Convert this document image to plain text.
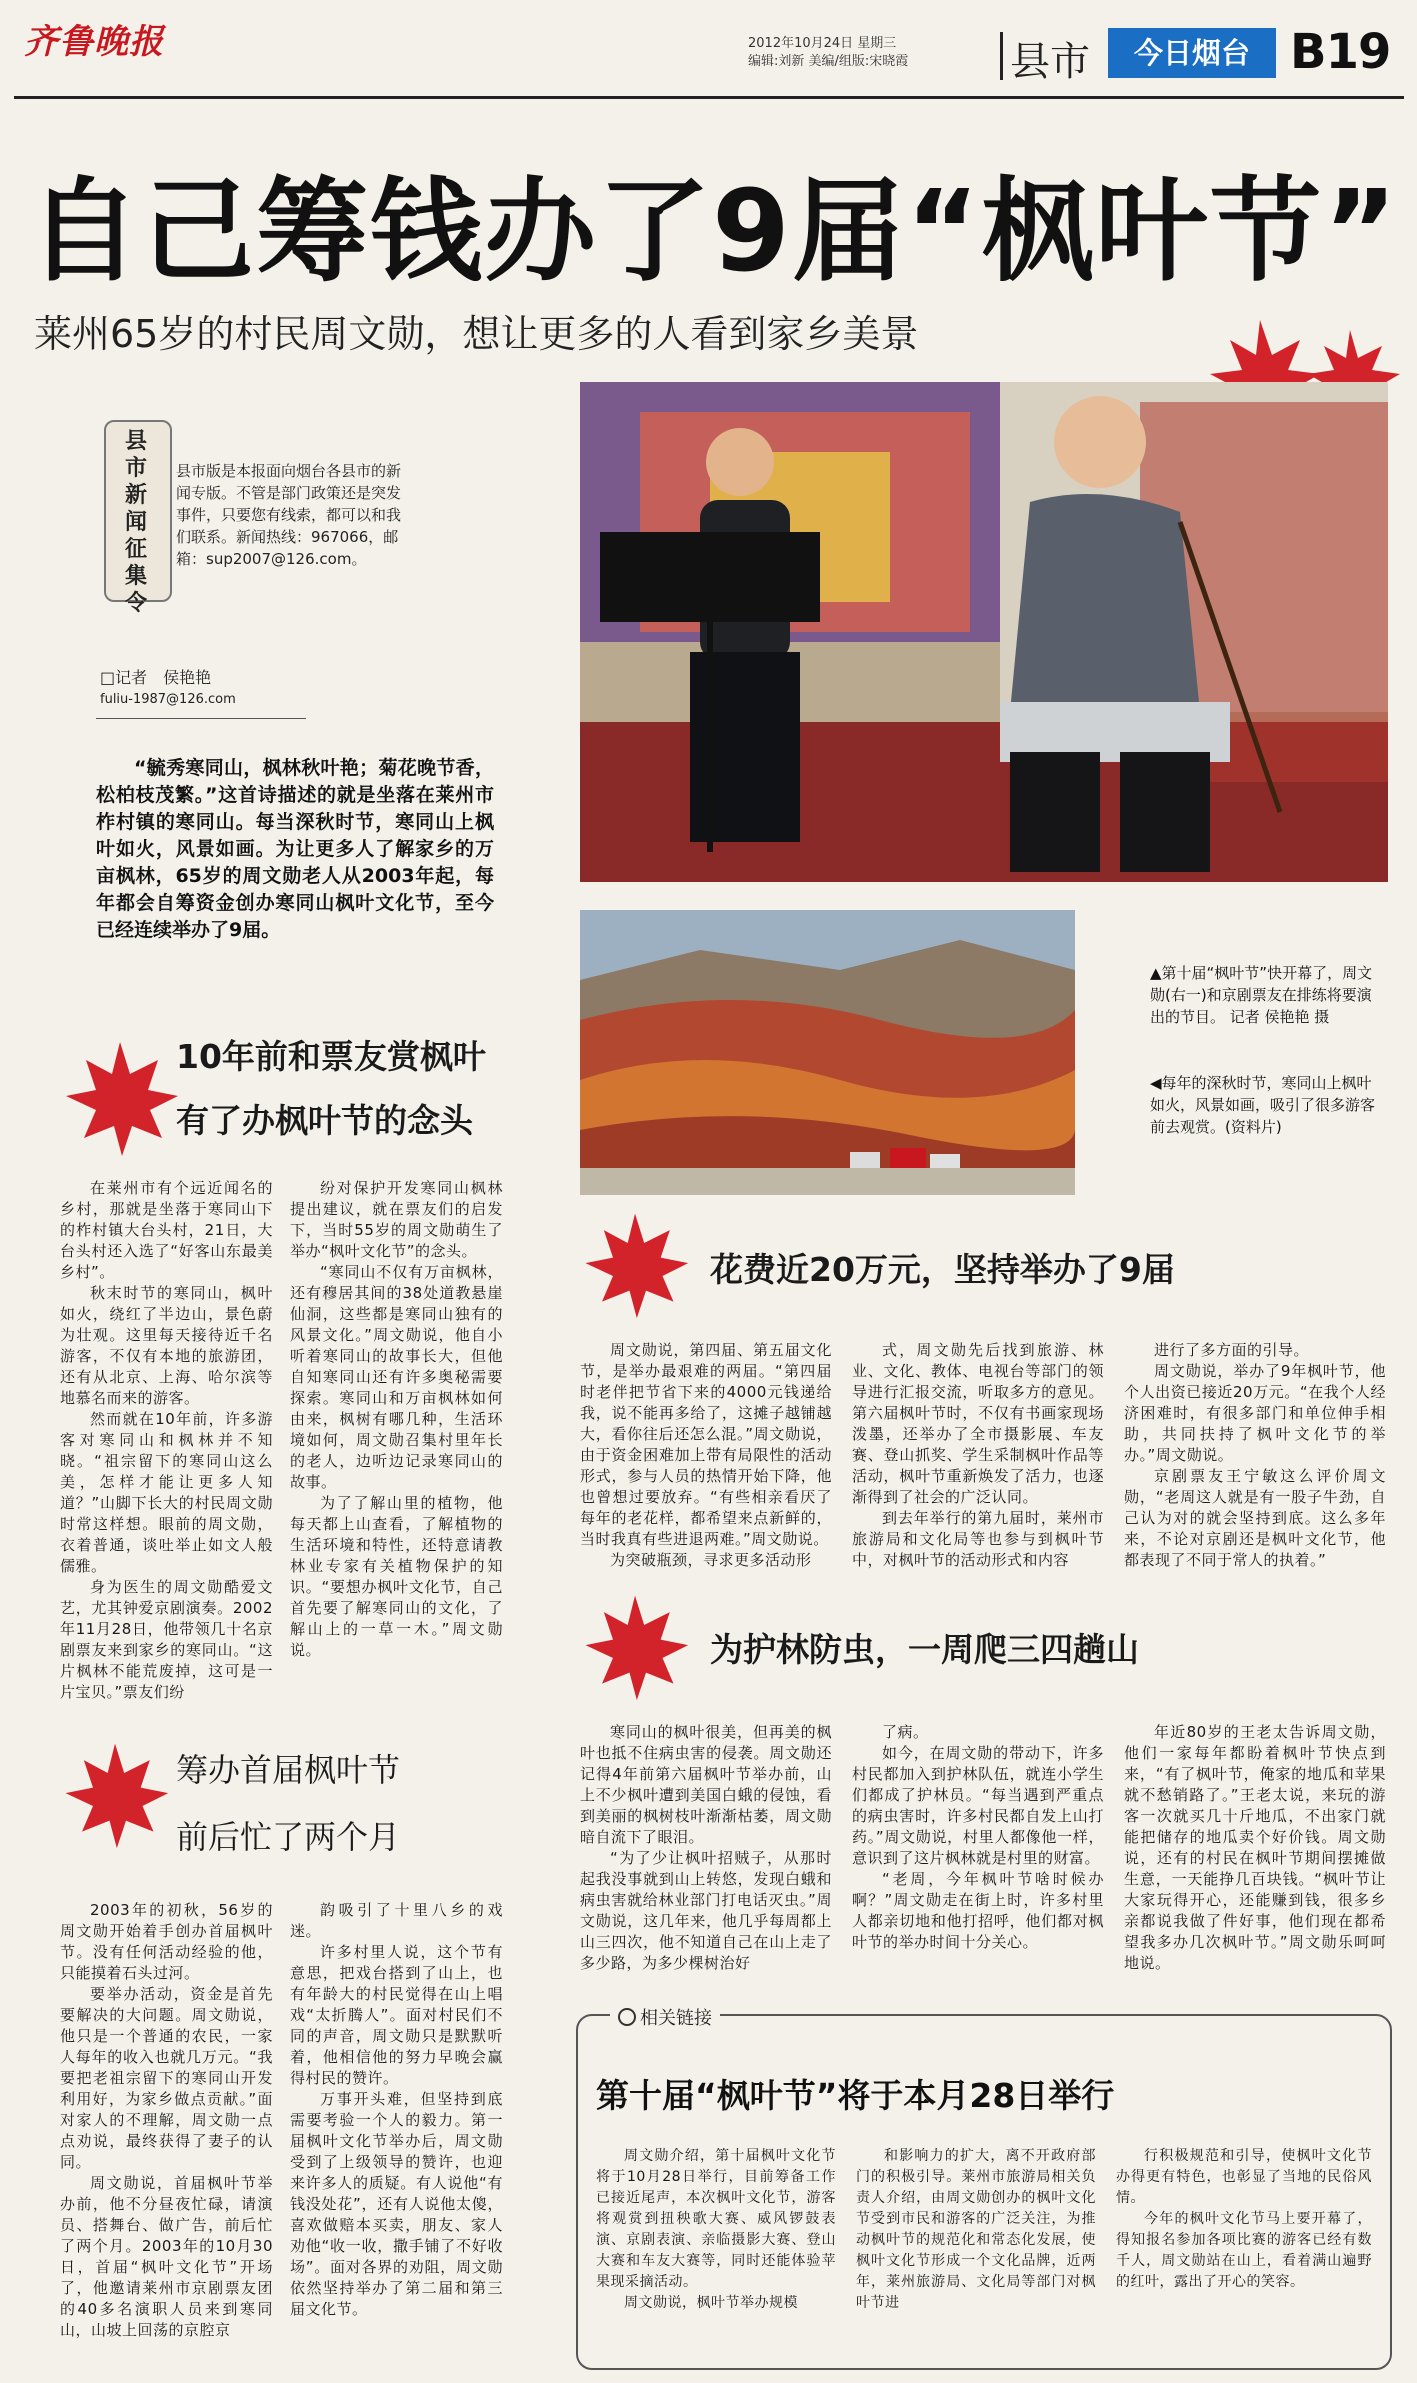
齐鲁晚报	2012年10月24日 星期三
编辑:刘新 美编/组版:宋晓霞	县市	今日烟台 B19
自己筹钱办了9届“枫叶节”
莱州65岁的村民周文勋，想让更多的人看到家乡美景
县市新闻征集令
县市版是本报面向烟台各县市的新闻专版。不管是部门政策还是突发事件，只要您有线索，都可以和我们联系。新闻热线：967066，邮箱：sup2007@126.com。
□记者　侯艳艳
fuliu-1987@126.com
“毓秀寒同山，枫林秋叶艳；菊花晚节香，松柏枝茂繁。”这首诗描述的就是坐落在莱州市柞村镇的寒同山。每当深秋时节，寒同山上枫叶如火，风景如画。为让更多人了解家乡的万亩枫林，65岁的周文勋老人从2003年起，每年都会自筹资金创办寒同山枫叶文化节，至今已经连续举办了9届。
▲第十届“枫叶节”快开幕了，周文勋(右一)和京剧票友在排练将要演出的节目。 记者 侯艳艳 摄
◀每年的深秋时节，寒同山上枫叶如火，风景如画，吸引了很多游客前去观赏。(资料片)
10年前和票友赏枫叶
有了办枫叶节的念头

在莱州市有个远近闻名的乡村，那就是坐落于寒同山下的柞村镇大台头村，21日，大台头村还入选了“好客山东最美乡村”。

秋末时节的寒同山，枫叶如火，绕红了半边山，景色蔚为壮观。这里每天接待近千名游客，不仅有本地的旅游团，还有从北京、上海、哈尔滨等地慕名而来的游客。

然而就在10年前，许多游客对寒同山和枫林并不知晓。“祖宗留下的寒同山这么美，怎样才能让更多人知道？”山脚下长大的村民周文勋时常这样想。眼前的周文勋，衣着普通，谈吐举止如文人般儒雅。

身为医生的周文勋酷爱文艺，尤其钟爱京剧演奏。2002年11月28日，他带领几十名京剧票友来到家乡的寒同山。“这片枫林不能荒废掉，这可是一片宝贝。”票友们纷

纷对保护开发寒同山枫林提出建议，就在票友们的启发下，当时55岁的周文勋萌生了举办“枫叶文化节”的念头。

“寒同山不仅有万亩枫林，还有穆居其间的38处道教悬崖仙洞，这些都是寒同山独有的风景文化。”周文勋说，他自小听着寒同山的故事长大，但他自知寒同山还有许多奥秘需要探索。寒同山和万亩枫林如何由来，枫树有哪几种，生活环境如何，周文勋召集村里年长的老人，边听边记录寒同山的故事。

为了了解山里的植物，他每天都上山查看，了解植物的生活环境和特性，还特意请教林业专家有关植物保护的知识。“要想办枫叶文化节，自己首先要了解寒同山的文化，了解山上的一草一木。”周文勋说。

筹办首届枫叶节
前后忙了两个月

2003年的初秋，56岁的周文勋开始着手创办首届枫叶节。没有任何活动经验的他，只能摸着石头过河。

要举办活动，资金是首先要解决的大问题。周文勋说，他只是一个普通的农民，一家人每年的收入也就几万元。“我要把老祖宗留下的寒同山开发利用好，为家乡做点贡献。”面对家人的不理解，周文勋一点点劝说，最终获得了妻子的认同。

周文勋说，首届枫叶节举办前，他不分昼夜忙碌，请演员、搭舞台、做广告，前后忙了两个月。2003年的10月30日，首届“枫叶文化节”开场了，他邀请莱州市京剧票友团的40多名演职人员来到寒同山，山坡上回荡的京腔京

韵吸引了十里八乡的戏迷。

许多村里人说，这个节有意思，把戏台搭到了山上，也有年龄大的村民觉得在山上唱戏“太折腾人”。面对村民们不同的声音，周文勋只是默默听着，他相信他的努力早晚会赢得村民的赞许。

万事开头难，但坚持到底需要考验一个人的毅力。第一届枫叶文化节举办后，周文勋受到了上级领导的赞许，也迎来许多人的质疑。有人说他“有钱没处花”，还有人说他太傻，喜欢做赔本买卖，朋友、家人劝他“收一收，撒手铺了不好收场”。面对各界的劝阻，周文勋依然坚持举办了第二届和第三届文化节。

花费近20万元，坚持举办了9届

周文勋说，第四届、第五届文化节，是举办最艰难的两届。“第四届时老伴把节省下来的4000元钱递给我，说不能再多给了，这摊子越铺越大，看你往后还怎么混。”周文勋说，由于资金困难加上带有局限性的活动形式，参与人员的热情开始下降，他也曾想过要放弃。“有些相亲看厌了每年的老花样，都希望来点新鲜的，当时我真有些进退两难。”周文勋说。

为突破瓶颈，寻求更多活动形

式，周文勋先后找到旅游、林业、文化、教体、电视台等部门的领导进行汇报交流，听取多方的意见。第六届枫叶节时，不仅有书画家现场泼墨，还举办了全市摄影展、车友赛、登山抓奖、学生采制枫叶作品等活动，枫叶节重新焕发了活力，也逐渐得到了社会的广泛认同。

到去年举行的第九届时，莱州市旅游局和文化局等也参与到枫叶节中，对枫叶节的活动形式和内容

进行了多方面的引导。

周文勋说，举办了9年枫叶节，他个人出资已接近20万元。“在我个人经济困难时，有很多部门和单位伸手相助，共同扶持了枫叶文化节的举办。”周文勋说。

京剧票友王宁敏这么评价周文勋，“老周这人就是有一股子牛劲，自己认为对的就会坚持到底。这么多年来，不论对京剧还是枫叶文化节，他都表现了不同于常人的执着。”

为护林防虫，一周爬三四趟山

寒同山的枫叶很美，但再美的枫叶也抵不住病虫害的侵袭。周文勋还记得4年前第六届枫叶节举办前，山上不少枫叶遭到美国白蛾的侵蚀，看到美丽的枫树枝叶渐渐枯萎，周文勋暗自流下了眼泪。

“为了少让枫叶招贼子，从那时起我没事就到山上转悠，发现白蛾和病虫害就给林业部门打电话灭虫。”周文勋说，这几年来，他几乎每周都上山三四次，他不知道自己在山上走了多少路，为多少棵树治好

了病。

如今，在周文勋的带动下，许多村民都加入到护林队伍，就连小学生们都成了护林员。“每当遇到严重点的病虫害时，许多村民都自发上山打药。”周文勋说，村里人都像他一样，意识到了这片枫林就是村里的财富。

“老周，今年枫叶节啥时候办啊？”周文勋走在街上时，许多村里人都亲切地和他打招呼，他们都对枫叶节的举办时间十分关心。

年近80岁的王老太告诉周文勋，他们一家每年都盼着枫叶节快点到来，“有了枫叶节，俺家的地瓜和苹果就不愁销路了。”王老太说，来玩的游客一次就买几十斤地瓜，不出家门就能把储存的地瓜卖个好价钱。周文勋说，还有的村民在枫叶节期间摆摊做生意，一天能挣几百块钱。“枫叶节让大家玩得开心，还能赚到钱，很多乡亲都说我做了件好事，他们现在都希望我多办几次枫叶节。”周文勋乐呵呵地说。

相关链接
第十届“枫叶节”将于本月28日举行

周文勋介绍，第十届枫叶文化节将于10月28日举行，目前筹备工作已接近尾声，本次枫叶文化节，游客将观赏到扭秧歌大赛、威风锣鼓表演、京剧表演、亲临摄影大赛、登山大赛和车友大赛等，同时还能体验苹果现采摘活动。

周文勋说，枫叶节举办规模

和影响力的扩大，离不开政府部门的积极引导。莱州市旅游局相关负责人介绍，由周文勋创办的枫叶文化节受到市民和游客的广泛关注，为推动枫叶节的规范化和常态化发展，使枫叶文化节形成一个文化品牌，近两年，莱州旅游局、文化局等部门对枫叶节进

行积极规范和引导，使枫叶文化节办得更有特色，也彰显了当地的民俗风情。

今年的枫叶文化节马上要开幕了，得知报名参加各项比赛的游客已经有数千人，周文勋站在山上，看着满山遍野的红叶，露出了开心的笑容。
